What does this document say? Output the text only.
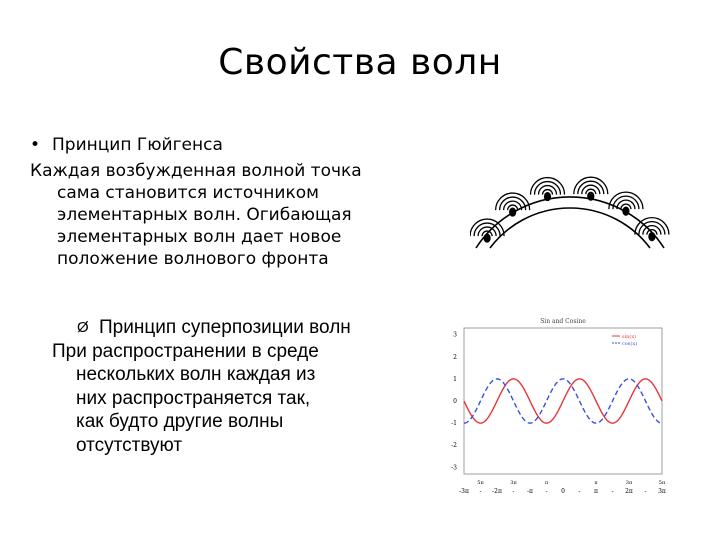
Свойства волн
• Принцип Гюйгенса
Каждая возбужденная волной точка
сама становится источником
элементарных волн. Огибающая
элементарных волн дает новое
положение волнового фронта
Ø Принцип суперпозиции волн
При распространении в среде
нескольких волн каждая из
них распространяется так,
как будто другие волны
отсутствуют
Sin and Cosine
sin(x)
cos(x)
3
2
1
0
-1
-2
-3
-3π - -2π - -π - 0 - π - 2π - 3π
5π	3π	π	π	3π	5π
